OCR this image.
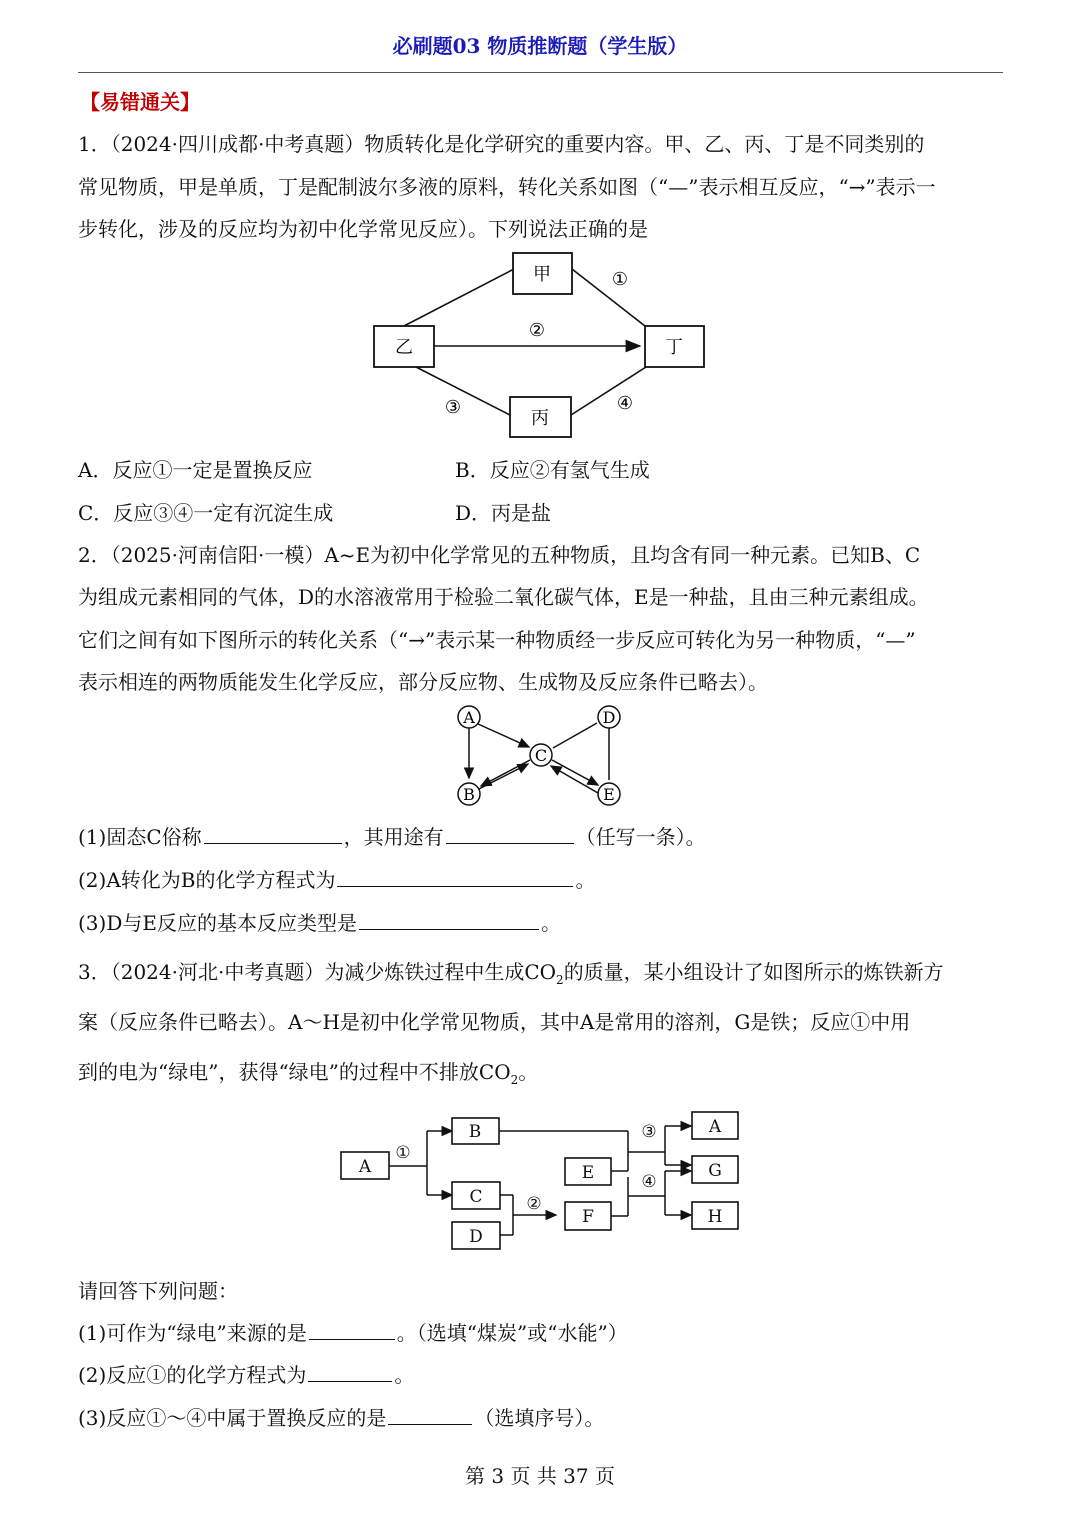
必刷题03 物质推断题（学生版）
【易错通关】
1．（2024·四川成都·中考真题）物质转化是化学研究的重要内容。甲、乙、丙、丁是不同类别的
常见物质，甲是单质，丁是配制波尔多液的原料，转化关系如图（“—”表示相互反应，“→”表示一
步转化，涉及的反应均为初中化学常见反应）。下列说法正确的是
甲
乙	丁
丙
①
②
③	④
A．反应①一定是置换反应	B．反应②有氢气生成
C．反应③④一定有沉淀生成	D．丙是盐
2．（2025·河南信阳·一模）A~E为初中化学常见的五种物质，且均含有同一种元素。已知B、C
为组成元素相同的气体，D的水溶液常用于检验二氧化碳气体，E是一种盐，且由三种元素组成。
它们之间有如下图所示的转化关系（“→”表示某一种物质经一步反应可转化为另一种物质，“—”
表示相连的两物质能发生化学反应，部分反应物、生成物及反应条件已略去）。
A	D
C
B	E
(1)固态C俗称	，其用途有	（任写一条）。
(2)A转化为B的化学方程式为	。
(3)D与E反应的基本反应类型是	。
3．（2024·河北·中考真题）为减少炼铁过程中生成$CO_2$的质量，某小组设计了如图所示的炼铁新方
案（反应条件已略去）。A～H是初中化学常见物质，其中A是常用的溶剂，G是铁；反应①中用
到的电为“绿电”，获得“绿电”的过程中不排放$CO_2$。
A
B
C
D
E
F
A
G
H
①
②
③
④
请回答下列问题：
(1)可作为“绿电”来源的是	。（选填“煤炭”或“水能”）
(2)反应①的化学方程式为	。
(3)反应①～④中属于置换反应的是	（选填序号）。
第 3 页 共 37 页
